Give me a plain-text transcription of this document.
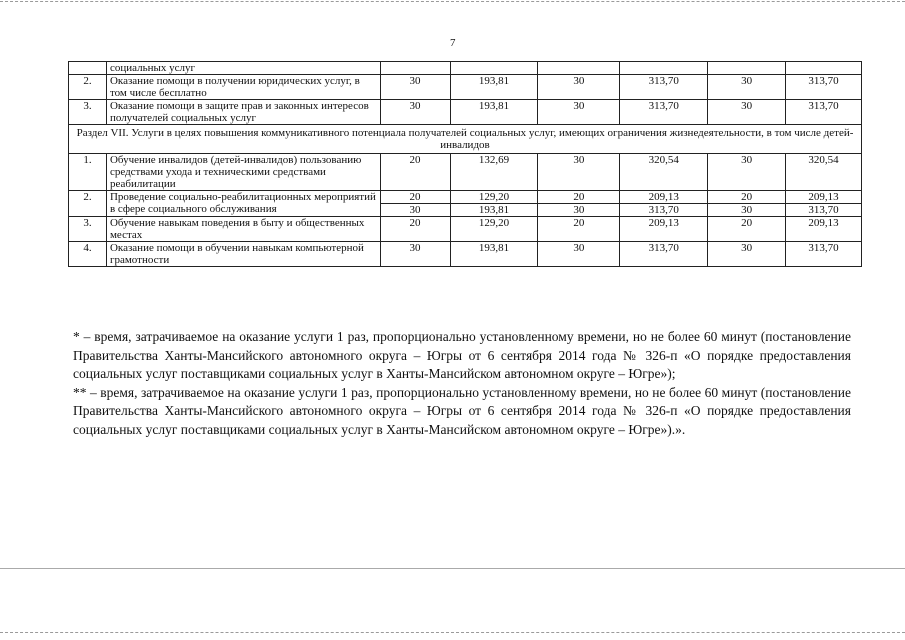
7
	социальных услуг						
2.	Оказание помощи в получении юридических услуг, в том числе бесплатно	30	193,81	30	313,70	30	313,70
3.	Оказание помощи в защите прав и законных интересов получателей социальных услуг	30	193,81	30	313,70	30	313,70
Раздел VII. Услуги в целях повышения коммуникативного потенциала получателей социальных услуг, имеющих ограничения жизнедеятельности, в том числе детей-инвалидов							
1.	Обучение инвалидов (детей-инвалидов) пользованию средствами ухода и техническими средствами реабилитации	20	132,69	30	320,54	30	320,54
2.	Проведение социально-реабилитационных мероприятий в сфере социального обслуживания	20	129,20	20	209,13	20	209,13
		30	193,81	30	313,70	30	313,70
3.	Обучение навыкам поведения в быту и общественных местах	20	129,20	20	209,13	20	209,13
4.	Оказание помощи в обучении навыкам компьютерной грамотности	30	193,81	30	313,70	30	313,70

* – время, затрачиваемое на оказание услуги 1 раз, пропорционально установленному времени, но не более 60 минут (постановление Правительства Ханты-Мансийского автономного округа – Югры от 6 сентября 2014 года № 326-п «О порядке предоставления социальных услуг поставщиками социальных услуг в Ханты-Мансийском автономном округе – Югре»);

** – время, затрачиваемое на оказание услуги 1 раз, пропорционально установленному времени, но не более 60 минут (постановление Правительства Ханты-Мансийского автономного округа – Югры от 6 сентября 2014 года № 326-п «О порядке предоставления социальных услуг поставщиками социальных услуг в Ханты-Мансийском автономном округе – Югре»).».
